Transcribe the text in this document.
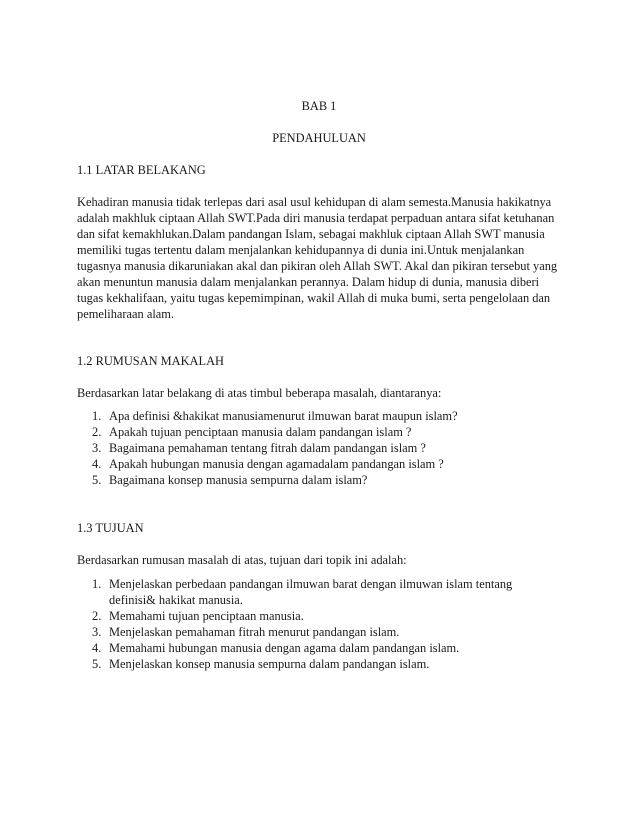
BAB 1
PENDAHULUAN
1.1 LATAR BELAKANG
Kehadiran manusia tidak terlepas dari asal usul kehidupan di alam semesta.Manusia hakikatnya
adalah makhluk ciptaan Allah SWT.Pada diri manusia terdapat perpaduan antara sifat ketuhanan
dan sifat kemakhlukan.Dalam pandangan Islam, sebagai makhluk ciptaan Allah SWT manusia
memiliki tugas tertentu dalam menjalankan kehidupannya di dunia ini.Untuk menjalankan
tugasnya manusia dikaruniakan akal dan pikiran oleh Allah SWT. Akal dan pikiran tersebut yang
akan menuntun manusia dalam menjalankan perannya. Dalam hidup di dunia, manusia diberi
tugas kekhalifaan, yaitu tugas kepemimpinan, wakil Allah di muka bumi, serta pengelolaan dan
pemeliharaan alam.
1.2 RUMUSAN MAKALAH
Berdasarkan latar belakang di atas timbul beberapa masalah, diantaranya:
1. Apa definisi &hakikat manusiamenurut ilmuwan barat maupun islam?
2. Apakah tujuan penciptaan manusia dalam pandangan islam ?
3. Bagaimana pemahaman tentang fitrah dalam pandangan islam ?
4. Apakah hubungan manusia dengan agamadalam pandangan islam ?
5. Bagaimana konsep manusia sempurna dalam islam?
1.3 TUJUAN
Berdasarkan rumusan masalah di atas, tujuan dari topik ini adalah:
1. Menjelaskan perbedaan pandangan ilmuwan barat dengan ilmuwan islam tentang
definisi& hakikat manusia.
2. Memahami tujuan penciptaan manusia.
3. Menjelaskan pemahaman fitrah menurut pandangan islam.
4. Memahami hubungan manusia dengan agama dalam pandangan islam.
5. Menjelaskan konsep manusia sempurna dalam pandangan islam.
